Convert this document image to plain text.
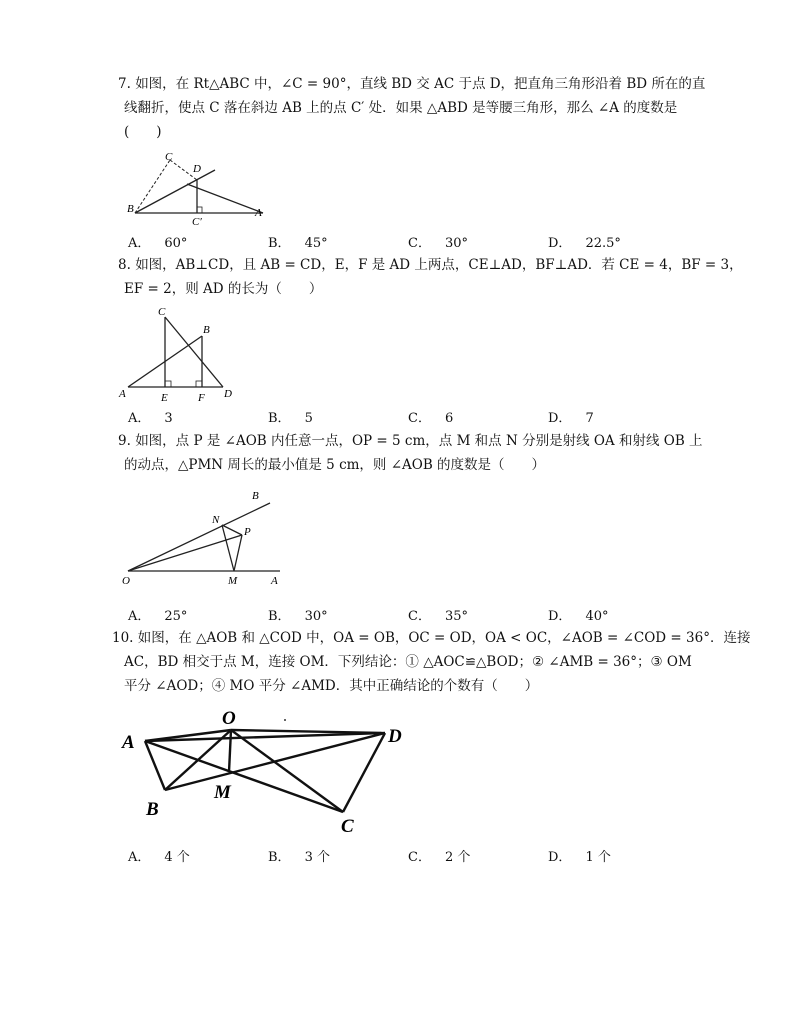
7. 如图，在 Rt△ABC 中，∠C = 90°，直线 BD 交 AC 于点 D，把直角三角形沿着 BD 所在的直
线翻折，使点 C 落在斜边 AB 上的点 C′ 处．如果 △ABD 是等腰三角形，那么 ∠A 的度数是
(　　)
C
D
B
C′
A
A． 60°	B． 45°	C． 30°	D． 22.5°
8. 如图，AB⊥CD，且 AB = CD，E，F 是 AD 上两点，CE⊥AD，BF⊥AD．若 CE = 4，BF = 3，
EF = 2，则 AD 的长为（　　）
C
B
A	E	F D
A． 3	B． 5	C． 6	D． 7
9. 如图，点 P 是 ∠AOB 内任意一点，OP = 5 cm，点 M 和点 N 分别是射线 OA 和射线 OB 上
的动点，△PMN 周长的最小值是 5 cm，则 ∠AOB 的度数是（　　）
B
N
P
O	M	A
A． 25°	B． 30°	C． 35°	D． 40°
10. 如图，在 △AOB 和 △COD 中，OA = OB，OC = OD，OA < OC，∠AOB = ∠COD = 36°．连接
AC，BD 相交于点 M，连接 OM．下列结论：① △AOC≌△BOD；② ∠AMB = 36°；③ OM
平分 ∠AOD；④ MO 平分 ∠AMD．其中正确结论的个数有（　　）
O
A	D
B
M
C
A． 4 个	B． 3 个	C． 2 个	D． 1 个
